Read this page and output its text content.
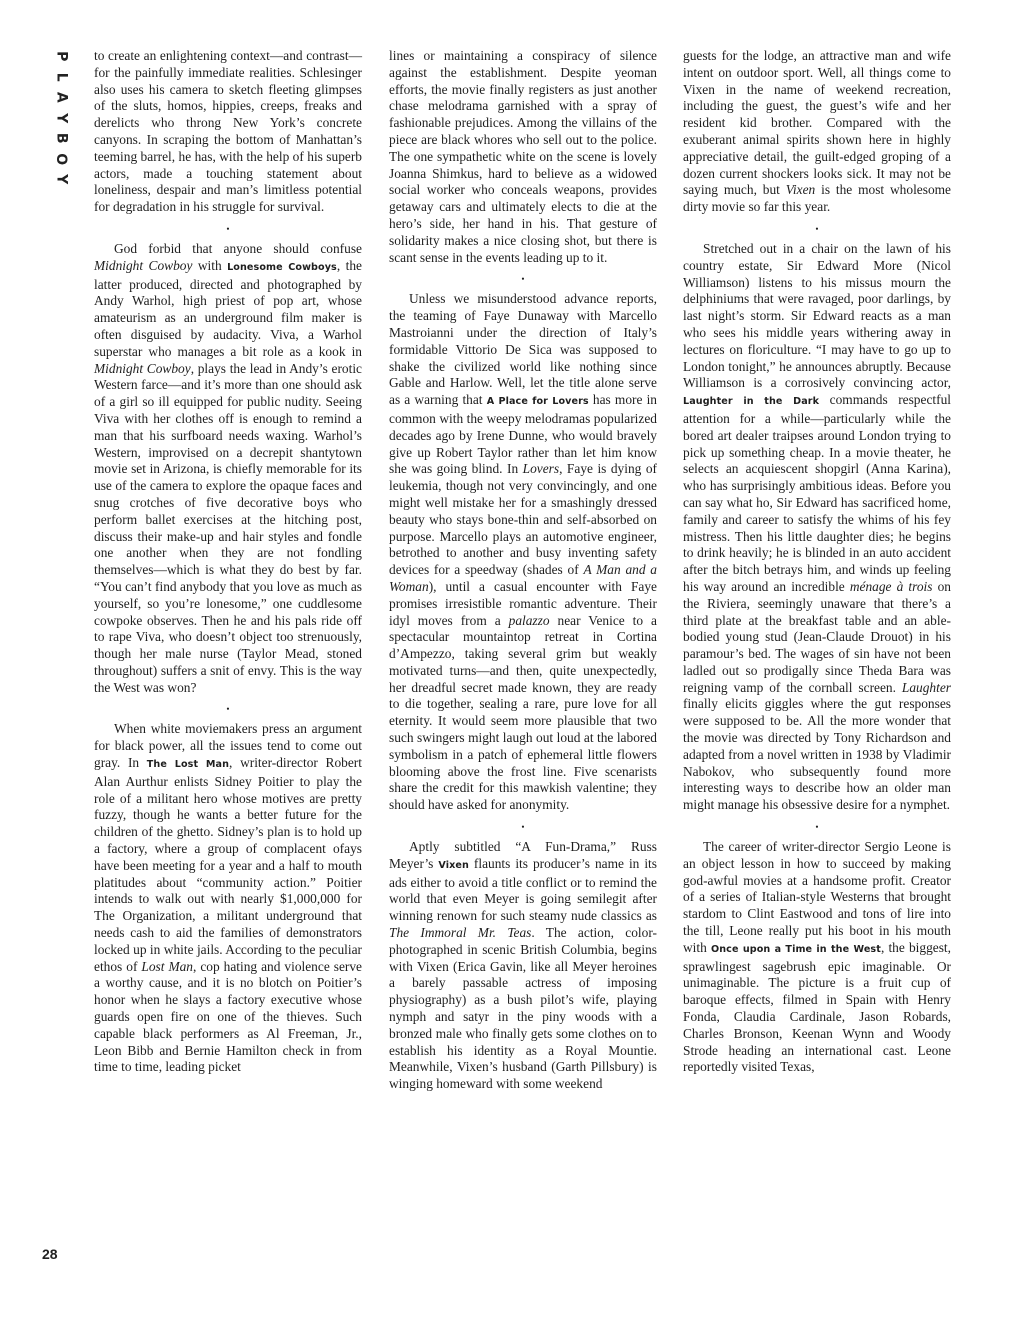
P
L
A
Y
B
O
Y

to create an enlightening context—and contrast—for the painfully immediate realities. Schlesinger also uses his camera to sketch fleeting glimpses of the sluts, homos, hippies, creeps, freaks and derelicts who throng New York’s concrete canyons. In scraping the bottom of Manhattan’s teeming barrel, he has, with the help of his superb actors, made a touching statement about loneliness, despair and man’s limitless potential for degradation in his struggle for survival.

•

God forbid that anyone should confuse Midnight Cowboy with Lonesome Cowboys, the latter produced, directed and photographed by Andy Warhol, high priest of pop art, whose amateurism as an underground film maker is often disguised by audacity. Viva, a Warhol superstar who manages a bit role as a kook in Midnight Cowboy, plays the lead in Andy’s erotic Western farce—and it’s more than one should ask of a girl so ill equipped for public nudity. Seeing Viva with her clothes off is enough to remind a man that his surfboard needs waxing. Warhol’s Western, improvised on a decrepit shantytown movie set in Arizona, is chiefly memorable for its use of the camera to explore the opaque faces and snug crotches of five decorative boys who perform ballet exercises at the hitching post, discuss their make-up and hair styles and fondle one another when they are not fondling themselves—which is what they do best by far. “You can’t find anybody that you love as much as yourself, so you’re lonesome,” one cuddlesome cowpoke observes. Then he and his pals ride off to rape Viva, who doesn’t object too strenuously, though her male nurse (Taylor Mead, stoned throughout) suffers a snit of envy. This is the way the West was won?

•

When white moviemakers press an argument for black power, all the issues tend to come out gray. In The Lost Man, writer-director Robert Alan Aurthur enlists Sidney Poitier to play the role of a militant hero whose motives are pretty fuzzy, though he wants a better future for the children of the ghetto. Sidney’s plan is to hold up a factory, where a group of complacent ofays have been meeting for a year and a half to mouth platitudes about “community action.” Poitier intends to walk out with nearly $1,000,000 for The Organization, a militant underground that needs cash to aid the families of demonstrators locked up in white jails. According to the peculiar ethos of Lost Man, cop hating and violence serve a worthy cause, and it is no blotch on Poitier’s honor when he slays a factory executive whose guards open fire on one of the thieves. Such capable black performers as Al Freeman, Jr., Leon Bibb and Bernie Hamilton check in from time to time, leading picket

lines or maintaining a conspiracy of silence against the establishment. Despite yeoman efforts, the movie finally registers as just another chase melodrama garnished with a spray of fashionable prejudices. Among the villains of the piece are black whores who sell out to the police. The one sympathetic white on the scene is lovely Joanna Shimkus, hard to believe as a widowed social worker who conceals weapons, provides getaway cars and ultimately elects to die at the hero’s side, her hand in his. That gesture of solidarity makes a nice closing shot, but there is scant sense in the events leading up to it.

•

Unless we misunderstood advance reports, the teaming of Faye Dunaway with Marcello Mastroianni under the direction of Italy’s formidable Vittorio De Sica was supposed to shake the civilized world like nothing since Gable and Harlow. Well, let the title alone serve as a warning that A Place for Lovers has more in common with the weepy melodramas popularized decades ago by Irene Dunne, who would bravely give up Robert Taylor rather than let him know she was going blind. In Lovers, Faye is dying of leukemia, though not very convincingly, and one might well mistake her for a smashingly dressed beauty who stays bone-thin and self-absorbed on purpose. Marcello plays an automotive engineer, betrothed to another and busy inventing safety devices for a speedway (shades of A Man and a Woman), until a casual encounter with Faye promises irresistible romantic adventure. Their idyl moves from a palazzo near Venice to a spectacular mountaintop retreat in Cortina d’Ampezzo, taking several grim but weakly motivated turns—and then, quite unexpectedly, her dreadful secret made known, they are ready to die together, sealing a rare, pure love for all eternity. It would seem more plausible that two such swingers might laugh out loud at the labored symbolism in a patch of ephemeral little flowers blooming above the frost line. Five scenarists share the credit for this mawkish valentine; they should have asked for anonymity.

•

Aptly subtitled “A Fun-Drama,” Russ Meyer’s Vixen flaunts its producer’s name in its ads either to avoid a title conflict or to remind the world that even Meyer is going semilegit after winning renown for such steamy nude classics as The Immoral Mr. Teas. The action, color-photographed in scenic British Columbia, begins with Vixen (Erica Gavin, like all Meyer heroines a barely passable actress of imposing physiography) as a bush pilot’s wife, playing nymph and satyr in the piny woods with a bronzed male who finally gets some clothes on to establish his identity as a Royal Mountie. Meanwhile, Vixen’s husband (Garth Pillsbury) is winging homeward with some weekend

guests for the lodge, an attractive man and wife intent on outdoor sport. Well, all things come to Vixen in the name of weekend recreation, including the guest, the guest’s wife and her resident kid brother. Compared with the exuberant animal spirits shown here in highly appreciative detail, the guilt-edged groping of a dozen current shockers looks sick. It may not be saying much, but Vixen is the most wholesome dirty movie so far this year.

•

Stretched out in a chair on the lawn of his country estate, Sir Edward More (Nicol Williamson) listens to his missus mourn the delphiniums that were ravaged, poor darlings, by last night’s storm. Sir Edward reacts as a man who sees his middle years withering away in lectures on floriculture. “I may have to go up to London tonight,” he announces abruptly. Because Williamson is a corrosively convincing actor, Laughter in the Dark commands respectful attention for a while—particularly while the bored art dealer traipses around London trying to pick up something cheap. In a movie theater, he selects an acquiescent shopgirl (Anna Karina), who has surprisingly ambitious ideas. Before you can say what ho, Sir Edward has sacrificed home, family and career to satisfy the whims of his fey mistress. Then his little daughter dies; he begins to drink heavily; he is blinded in an auto accident after the bitch betrays him, and winds up feeling his way around an incredible ménage à trois on the Riviera, seemingly unaware that there’s a third plate at the breakfast table and an able-bodied young stud (Jean-Claude Drouot) in his paramour’s bed. The wages of sin have not been ladled out so prodigally since Theda Bara was reigning vamp of the cornball screen. Laughter finally elicits giggles where the gut responses were supposed to be. All the more wonder that the movie was directed by Tony Richardson and adapted from a novel written in 1938 by Vladimir Nabokov, who subsequently found more interesting ways to describe how an older man might manage his obsessive desire for a nymphet.

•

The career of writer-director Sergio Leone is an object lesson in how to succeed by making god-awful movies at a handsome profit. Creator of a series of Italian-style Westerns that brought stardom to Clint Eastwood and tons of lire into the till, Leone really put his boot in his mouth with Once upon a Time in the West, the biggest, sprawlingest sagebrush epic imaginable. Or unimaginable. The picture is a fruit cup of baroque effects, filmed in Spain with Henry Fonda, Claudia Cardinale, Jason Robards, Charles Bronson, Keenan Wynn and Woody Strode heading an international cast. Leone reportedly visited Texas,

28
